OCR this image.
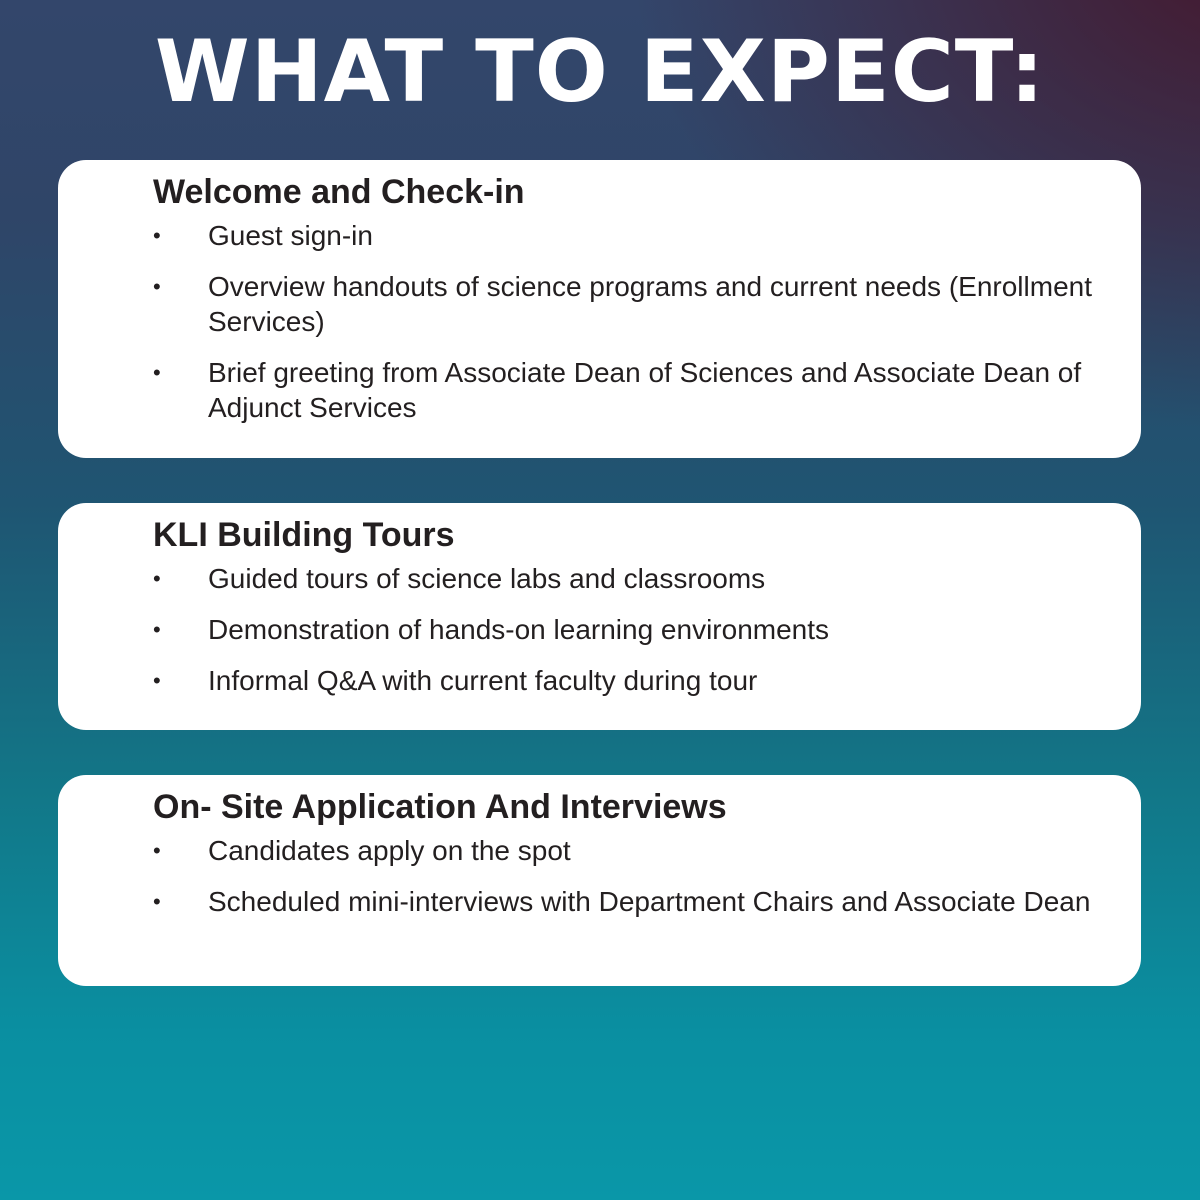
WHAT TO EXPECT:
Welcome and Check-in
• Guest sign-in
• Overview handouts of science programs and current needs (Enrollment Services)
• Brief greeting from Associate Dean of Sciences and Associate Dean of Adjunct Services
KLI Building Tours
• Guided tours of science labs and classrooms
• Demonstration of hands-on learning environments
• Informal Q&A with current faculty during tour
On- Site Application And Interviews
• Candidates apply on the spot
• Scheduled mini-interviews with Department Chairs and Associate Dean
